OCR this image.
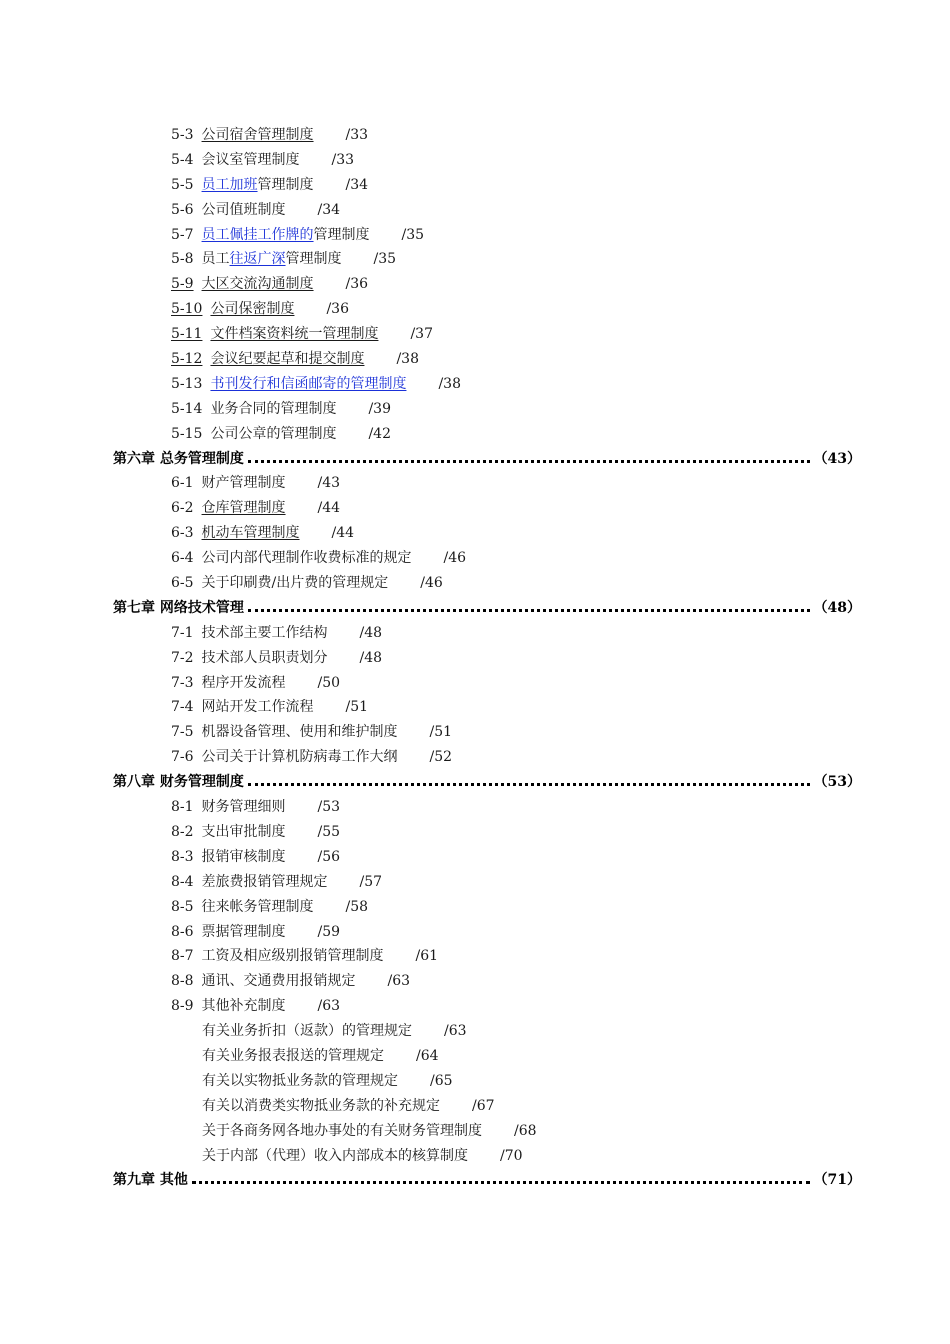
5-3 公司宿舍管理制度 /33
5-4 会议室管理制度 /33
5-5 员工加班管理制度 /34
5-6 公司值班制度 /34
5-7 员工佩挂工作牌的管理制度 /35
5-8 员工往返广深管理制度 /35
5-9 大区交流沟通制度 /36
5-10 公司保密制度 /36
5-11 文件档案资料统一管理制度 /37
5-12 会议纪要起草和提交制度 /38
5-13 书刊发行和信函邮寄的管理制度 /38
5-14 业务合同的管理制度 /39
5-15 公司公章的管理制度 /42
第六章 总务管理制度	（43）
6-1 财产管理制度 /43
6-2 仓库管理制度 /44
6-3 机动车管理制度 /44
6-4 公司内部代理制作收费标准的规定 /46
6-5 关于印刷费/出片费的管理规定 /46
第七章 网络技术管理	（48）
7-1 技术部主要工作结构 /48
7-2 技术部人员职责划分 /48
7-3 程序开发流程 /50
7-4 网站开发工作流程 /51
7-5 机器设备管理、使用和维护制度 /51
7-6 公司关于计算机防病毒工作大纲 /52
第八章 财务管理制度	（53）
8-1 财务管理细则 /53
8-2 支出审批制度 /55
8-3 报销审核制度 /56
8-4 差旅费报销管理规定 /57
8-5 往来帐务管理制度 /58
8-6 票据管理制度 /59
8-7 工资及相应级别报销管理制度 /61
8-8 通讯、交通费用报销规定 /63
8-9 其他补充制度 /63
有关业务折扣（返款）的管理规定 /63
有关业务报表报送的管理规定 /64
有关以实物抵业务款的管理规定 /65
有关以消费类实物抵业务款的补充规定 /67
关于各商务网各地办事处的有关财务管理制度 /68
关于内部（代理）收入内部成本的核算制度 /70
第九章 其他	（71）
